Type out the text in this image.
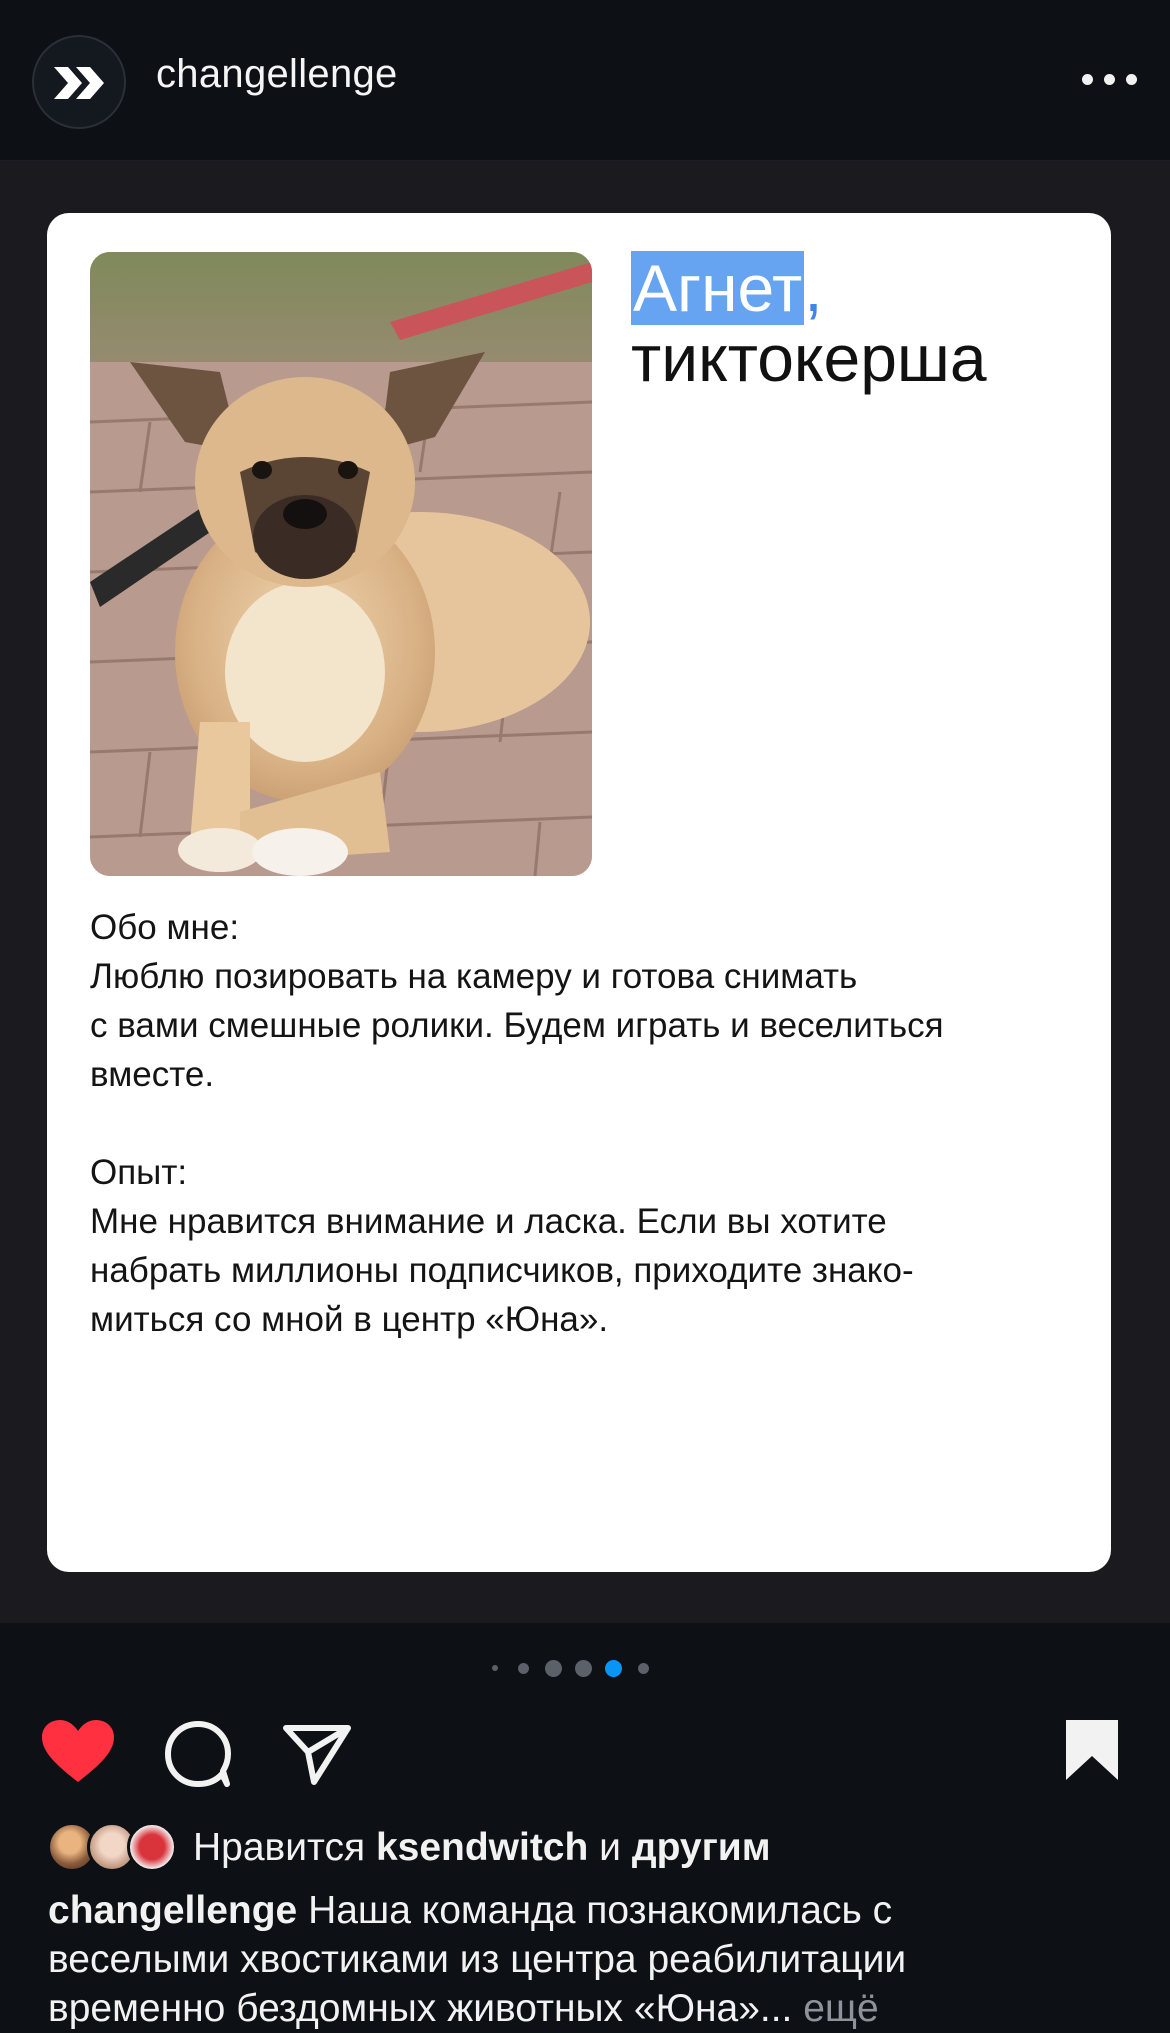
changellenge
Агнет,
тиктокерша

Обо мне:

Люблю позировать на камеру и готова снимать

с вами смешные ролики. Будем играть и веселиться

вместе.

Опыт:

Мне нравится внимание и ласка. Если вы хотите

набрать миллионы подписчиков, приходите знако-

миться со мной в центр «Юна».

Нравится ksendwitch и другим
changellenge Наша команда познакомилась с
веселыми хвостиками из центра реабилитации
временно бездомных животных «Юна»... ещё
